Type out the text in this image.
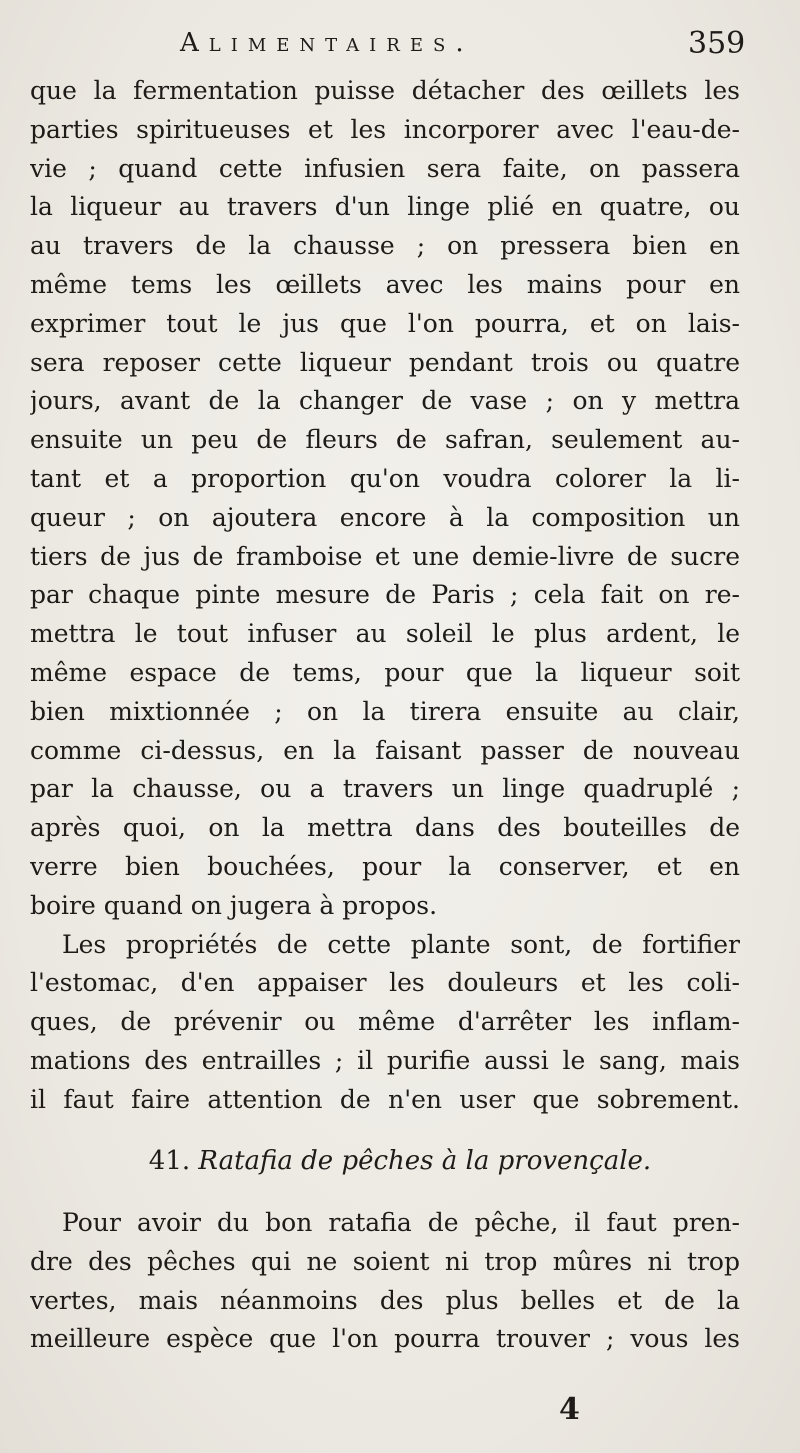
Alimentaires.	359
que la fermentation puisse détacher des œillets les
parties spiritueuses et les incorporer avec l'eau-de-
vie ; quand cette infusien sera faite, on passera
la liqueur au travers d'un linge plié en quatre, ou
au travers de la chausse ; on pressera bien en
même tems les œillets avec les mains pour en
exprimer tout le jus que l'on pourra, et on lais-
sera reposer cette liqueur pendant trois ou quatre
jours, avant de la changer de vase ; on y mettra
ensuite un peu de fleurs de safran, seulement au-
tant et a proportion qu'on voudra colorer la li-
queur ; on ajoutera encore à la composition un
tiers de jus de framboise et une demie-livre de sucre
par chaque pinte mesure de Paris ; cela fait on re-
mettra le tout infuser au soleil le plus ardent, le
même espace de tems, pour que la liqueur soit
bien mixtionnée ; on la tirera ensuite au clair,
comme ci-dessus, en la faisant passer de nouveau
par la chausse, ou a travers un linge quadruplé ;
après quoi, on la mettra dans des bouteilles de
verre bien bouchées, pour la conserver, et en
boire quand on jugera à propos.
Les propriétés de cette plante sont, de fortifier
l'estomac, d'en appaiser les douleurs et les coli-
ques, de prévenir ou même d'arrêter les inflam-
mations des entrailles ; il purifie aussi le sang, mais
il faut faire attention de n'en user que sobrement.
41. Ratafia de pêches à la provençale.
Pour avoir du bon ratafia de pêche, il faut pren-
dre des pêches qui ne soient ni trop mûres ni trop
vertes, mais néanmoins des plus belles et de la
meilleure espèce que l'on pourra trouver ; vous les
4
